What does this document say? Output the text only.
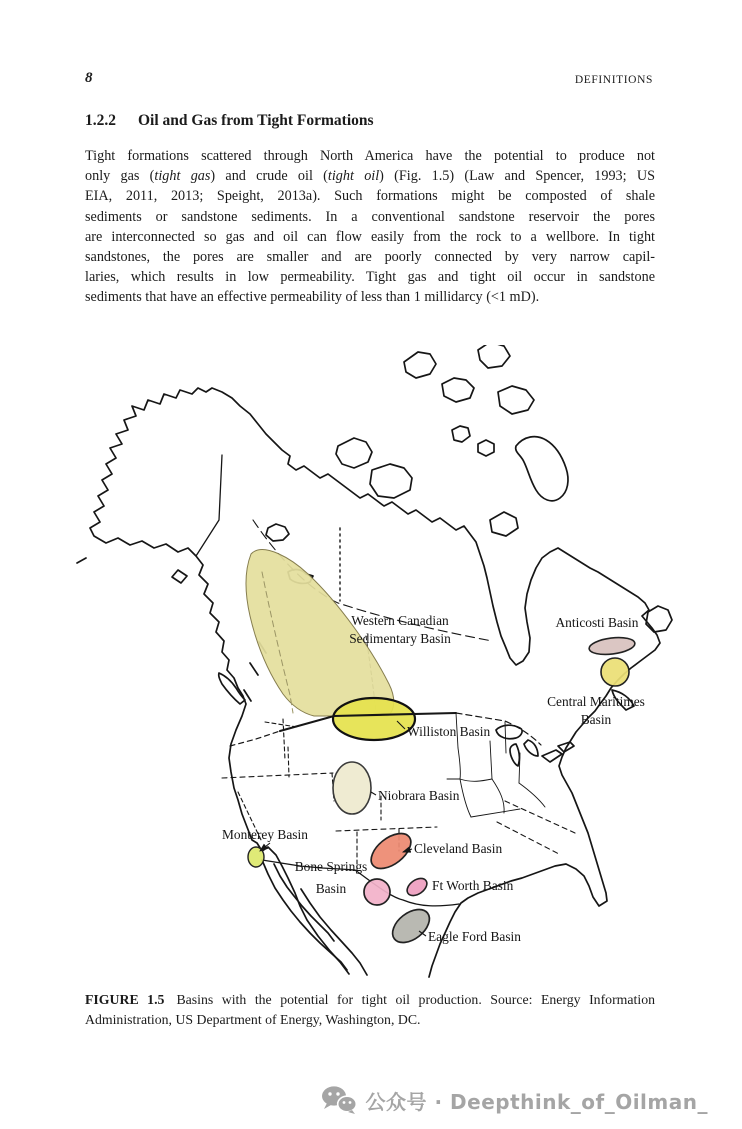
8	DEFINITIONS
1.2.2 Oil and Gas from Tight Formations
Tight formations scattered through North America have the potential to produce not
only gas (tight gas) and crude oil (tight oil) (Fig. 1.5) (Law and Spencer, 1993; US
EIA, 2011, 2013; Speight, 2013a). Such formations might be composted of shale
sediments or sandstone sediments. In a conventional sandstone reservoir the pores
are interconnected so gas and oil can flow easily from the rock to a wellbore. In tight
sandstones, the pores are smaller and are poorly connected by very narrow capil-
laries, which results in low permeability. Tight gas and tight oil occur in sandstone
sediments that have an effective permeability of less than 1 millidarcy (<1 mD).
Western Canadian
Sedimentary Basin
Williston Basin
Niobrara Basin
Monterey Basin
Cleveland Basin
Bone Springs
Basin	Ft Worth Basin
Eagle Ford Basin
Anticosti Basin
Central Maritimes
Basin
FIGURE 1.5 Basins with the potential for tight oil production. Source: Energy Information
Administration, US Department of Energy, Washington, DC.
公众号 · Deepthink_of_Oilman_
